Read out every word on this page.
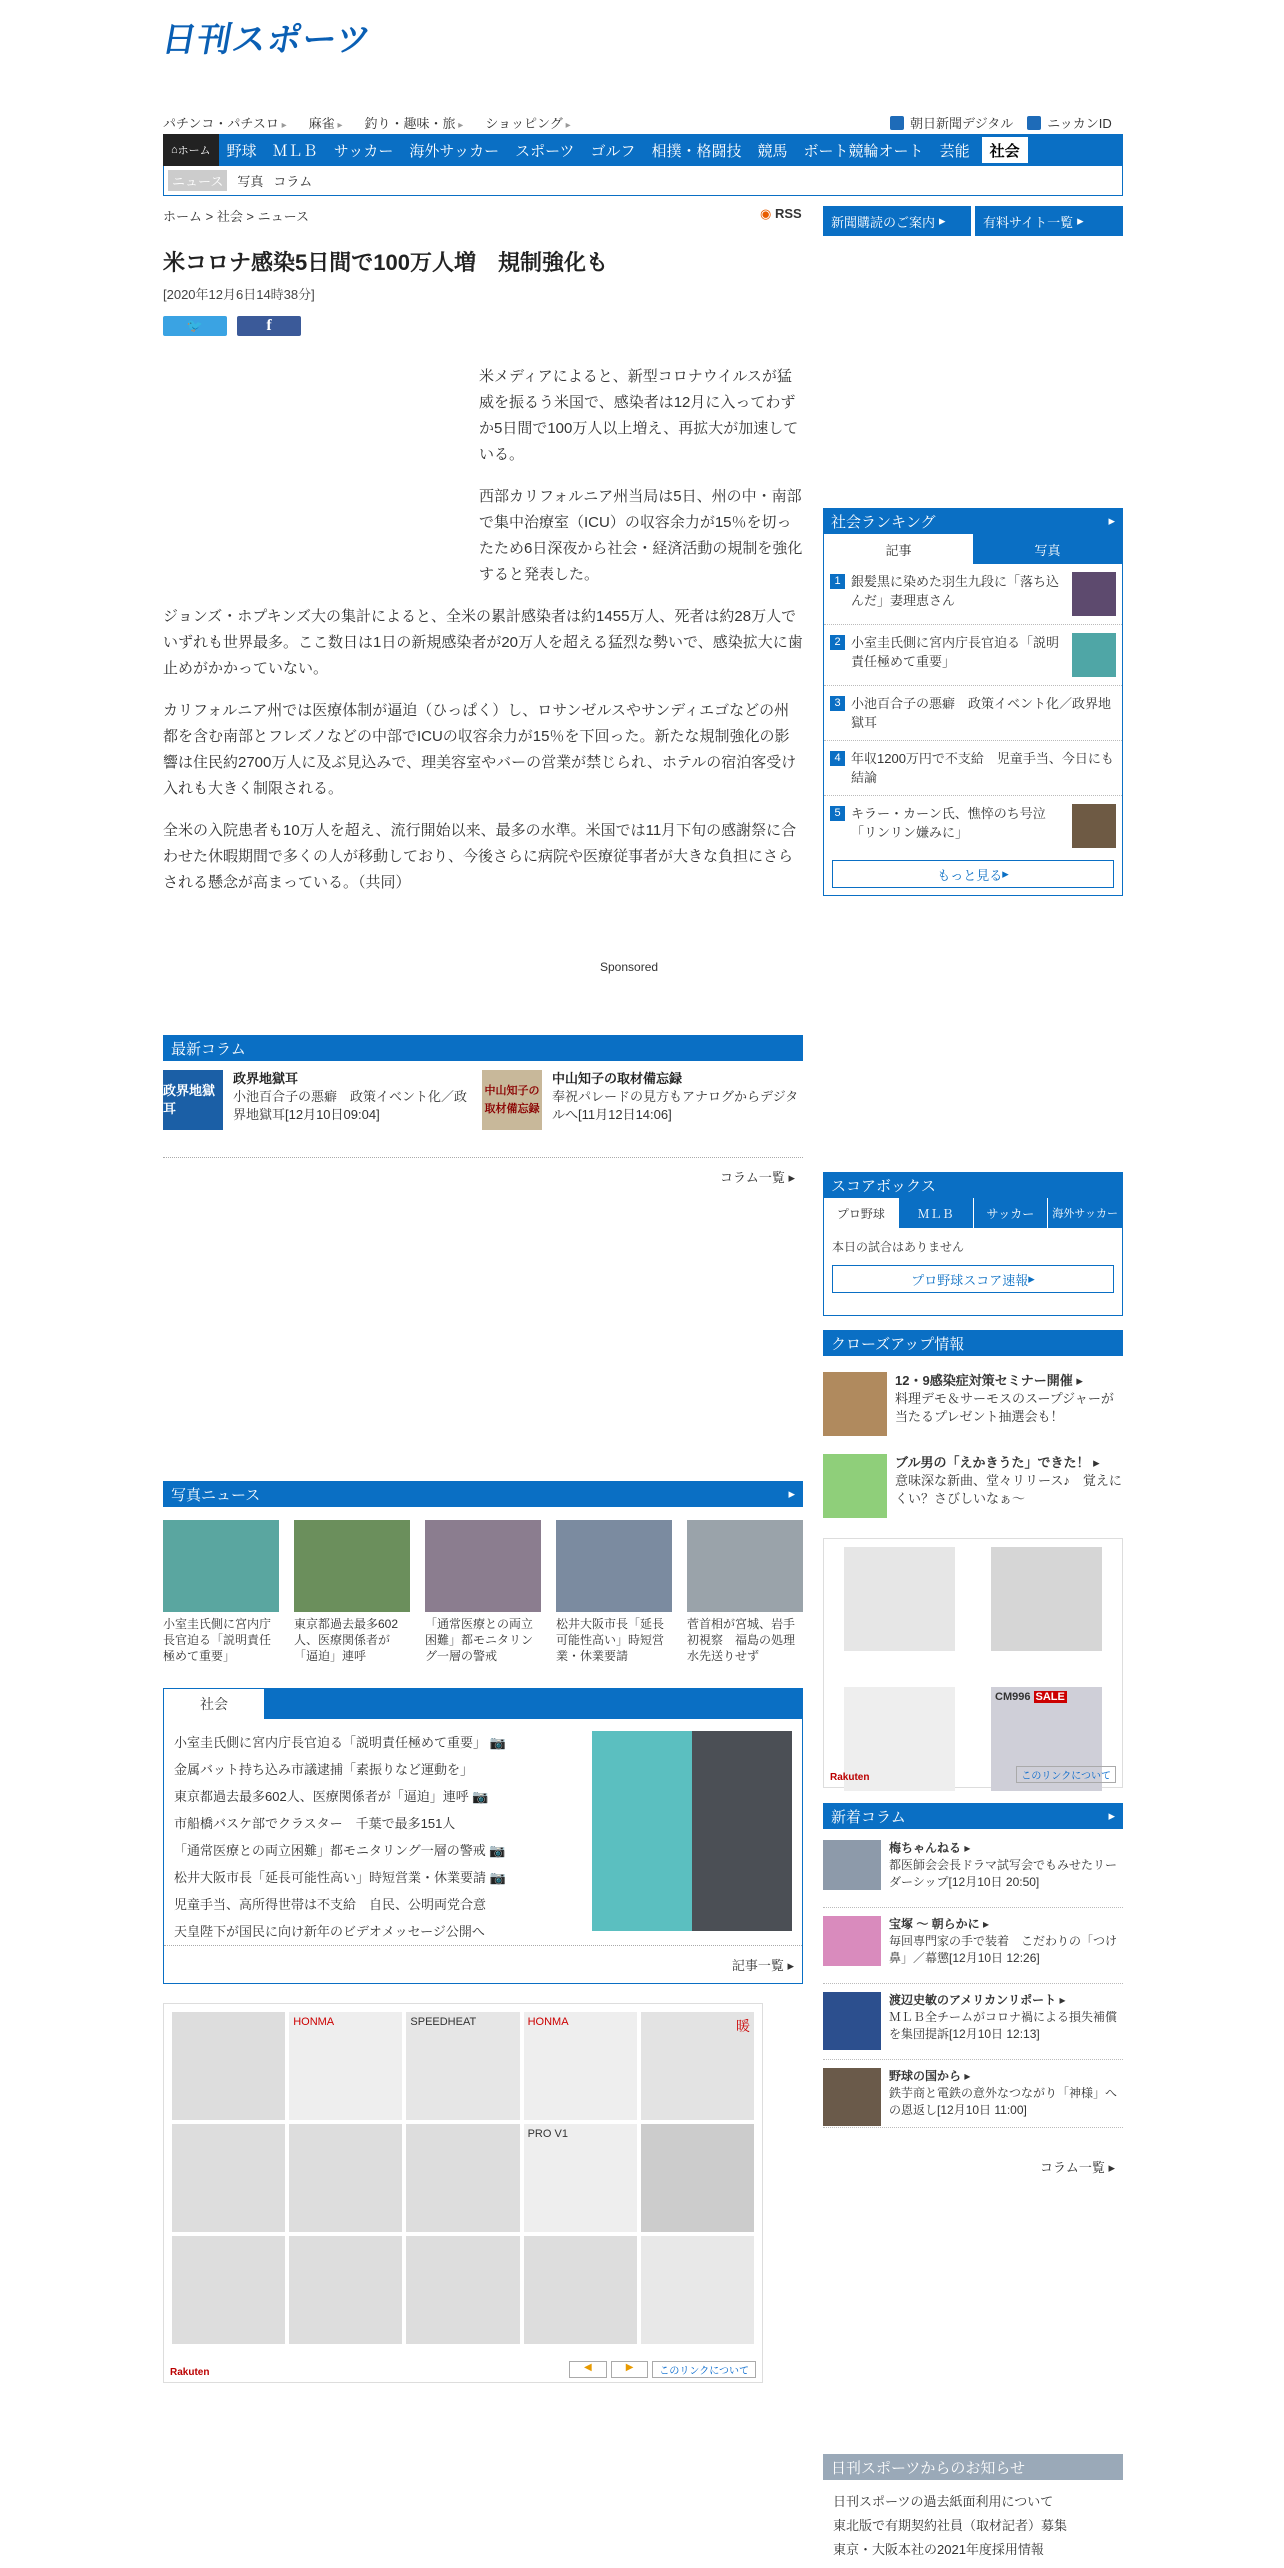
日刊スポーツ
パチンコ・パチスロ ▸	麻雀 ▸	釣り・趣味・旅 ▸	ショッピング ▸	朝日新聞デジタル	ニッカンID
⌂ ホーム	野球	ＭＬＢ	サッカー	海外サッカー	スポーツ	ゴルフ	相撲・格闘技	競馬	ボート競輪オート	芸能	社会
ニュース	写真 コラム
ホーム > 社会 > ニュース
◉	RSS
新聞購読のご案内 ▸	有料サイト一覧 ▸
米コロナ感染5日間で100万人増　規制強化も
[2020年12月6日14時38分]
🐦	f

米メディアによると、新型コロナウイルスが猛威を振るう米国で、感染者は12月に入ってわずか5日間で100万人以上増え、再拡大が加速している。

西部カリフォルニア州当局は5日、州の中・南部で集中治療室（ICU）の収容余力が15％を切ったため6日深夜から社会・経済活動の規制を強化すると発表した。

ジョンズ・ホプキンズ大の集計によると、全米の累計感染者は約1455万人、死者は約28万人でいずれも世界最多。ここ数日は1日の新規感染者が20万人を超える猛烈な勢いで、感染拡大に歯止めがかかっていない。

カリフォルニア州では医療体制が逼迫（ひっぱく）し、ロサンゼルスやサンディエゴなどの州都を含む南部とフレズノなどの中部でICUの収容余力が15％を下回った。新たな規制強化の影響は住民約2700万人に及ぶ見込みで、理美容室やバーの営業が禁じられ、ホテルの宿泊客受け入れも大きく制限される。

全米の入院患者も10万人を超え、流行開始以来、最多の水準。米国では11月下旬の感謝祭に合わせた休暇期間で多くの人が移動しており、今後さらに病院や医療従事者が大きな負担にさらされる懸念が高まっている。（共同）

Sponsored
最新コラム
政界地獄耳
政界地獄耳
小池百合子の悪癖　政策イベント化／政界地獄耳[12月10日09:04]
中山知子の取材備忘録
中山知子の取材備忘録
奉祝パレードの見方もアナログからデジタルへ[11月12日14:06]
コラム一覧 ▸
写真ニュース ▸
小室圭氏側に宮内庁長官迫る「説明責任極めて重要」
東京都過去最多602人、医療関係者が「逼迫」連呼
「通常医療との両立困難」都モニタリング一層の警戒
松井大阪市長「延長可能性高い」時短営業・休業要請
菅首相が宮城、岩手初視察　福島の処理水先送りせず
社会
小室圭氏側に宮内庁長官迫る「説明責任極めて重要」 📷
金属バット持ち込み市議逮捕「素振りなど運動を」
東京都過去最多602人、医療関係者が「逼迫」連呼 📷
市船橋バスケ部でクラスター　千葉で最多151人
「通常医療との両立困難」都モニタリング一層の警戒 📷
松井大阪市長「延長可能性高い」時短営業・休業要請 📷
児童手当、高所得世帯は不支給　自民、公明両党合意
天皇陛下が国民に向け新年のビデオメッセージ公開へ
記事一覧 ▸
HONMA	SPEEDHEAT	HONMA	暖
PRO V1
Rakuten	◀	▶	このリンクについて
社会ランキング ▸
記事	写真
1 銀髪黒に染めた羽生九段に「落ち込んだ」妻理恵さん
2 小室圭氏側に宮内庁長官迫る「説明責任極めて重要」
3 小池百合子の悪癖　政策イベント化／政界地獄耳
4 年収1200万円で不支給　児童手当、今日にも結論
5 キラー・カーン氏、憔悴のち号泣「リンリン嫌みに」
もっと見る ▸
スコアボックス
プロ野球	ＭＬＢ	サッカー	海外サッカー
本日の試合はありません
プロ野球スコア速報 ▸
クローズアップ情報
12・9感染症対策セミナー開催 ▸
料理デモ＆サーモスのスープジャーが当たるプレゼント抽選会も！
ブル男の「えかきうた」できた！ ▸
意味深な新曲、堂々リリース♪　覚えにくい？さびしいなぁ～
CM996 SALE
Rakuten	このリンクについて
新着コラム ▸
梅ちゃんねる ▸
都医師会会長ドラマ試写会でもみせたリーダーシップ[12月10日 20:50]
宝塚 ～ 朝らかに ▸
毎回専門家の手で装着　こだわりの「つけ鼻」／幕懲[12月10日 12:26]
渡辺史敏のアメリカンリポート ▸
ＭＬＢ全チームがコロナ禍による損失補償を集団提訴[12月10日 12:13]
野球の国から ▸
鉄芋商と電鉄の意外なつながり「神様」への恩返し[12月10日 11:00]
コラム一覧 ▸
日刊スポーツからのお知らせ
日刊スポーツの過去紙面利用について
東北版で有期契約社員（取材記者）募集
東京・大阪本社の2021年度採用情報
